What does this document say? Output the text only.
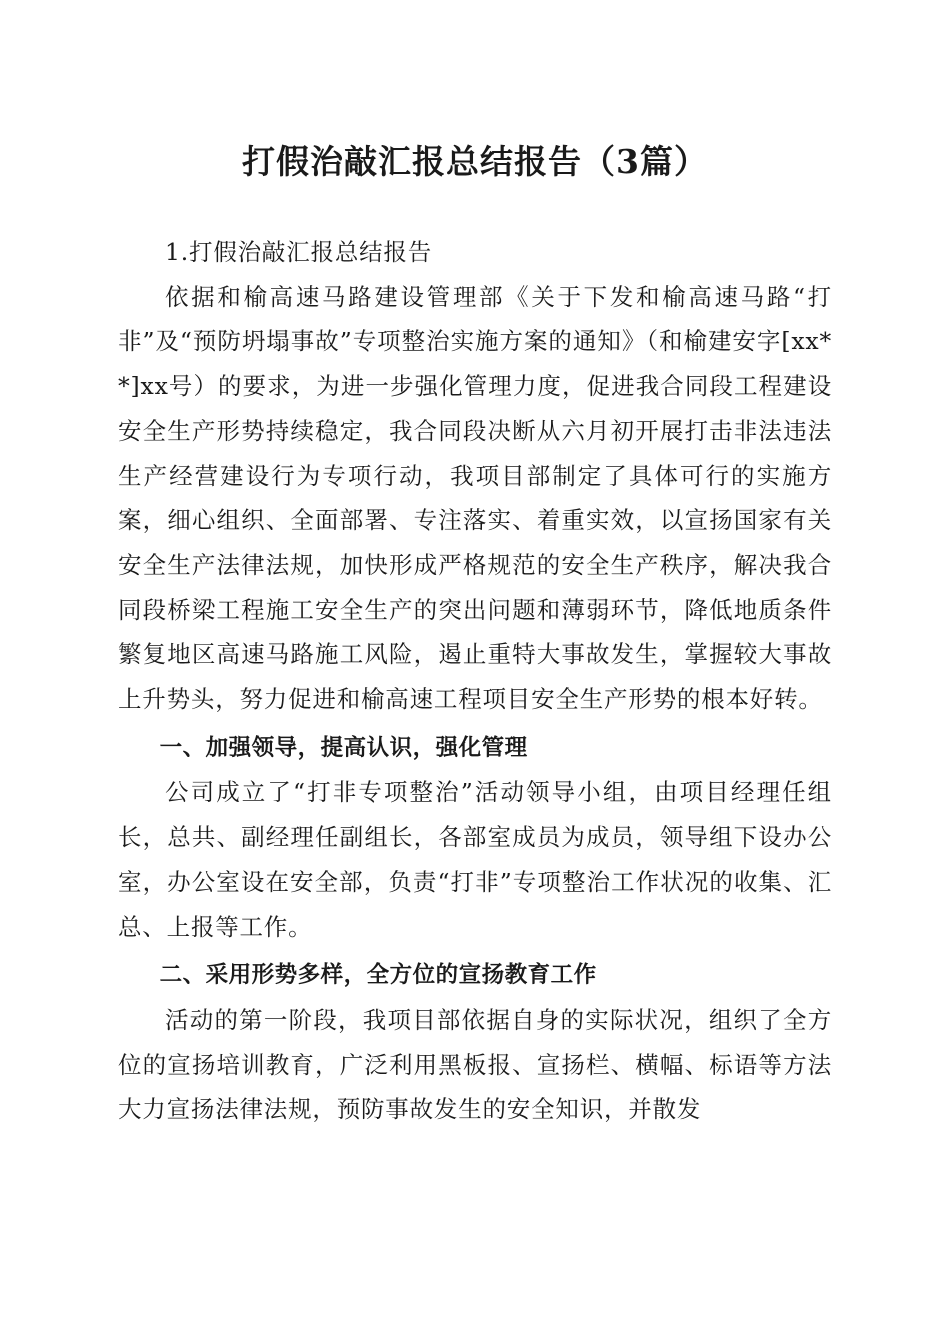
打假治敲汇报总结报告（3篇）

1.打假治敲汇报总结报告

依据和榆高速马路建设管理部《关于下发和榆高速马路“打非”及“预防坍塌事故”专项整治实施方案的通知》（和榆建安字[xx**]xx号）的要求，为进一步强化管理力度，促进我合同段工程建设安全生产形势持续稳定，我合同段决断从六月初开展打击非法违法生产经营建设行为专项行动，我项目部制定了具体可行的实施方案，细心组织、全面部署、专注落实、着重实效，以宣扬国家有关安全生产法律法规，加快形成严格规范的安全生产秩序，解决我合同段桥梁工程施工安全生产的突出问题和薄弱环节，降低地质条件繁复地区高速马路施工风险，遏止重特大事故发生，掌握较大事故上升势头，努力促进和榆高速工程项目安全生产形势的根本好转。

一、加强领导，提高认识，强化管理

公司成立了“打非专项整治”活动领导小组，由项目经理任组长，总共、副经理任副组长，各部室成员为成员，领导组下设办公室，办公室设在安全部，负责“打非”专项整治工作状况的收集、汇总、上报等工作。

二、采用形势多样，全方位的宣扬教育工作

活动的第一阶段，我项目部依据自身的实际状况，组织了全方位的宣扬培训教育，广泛利用黑板报、宣扬栏、横幅、标语等方法大力宣扬法律法规，预防事故发生的安全知识，并散发
